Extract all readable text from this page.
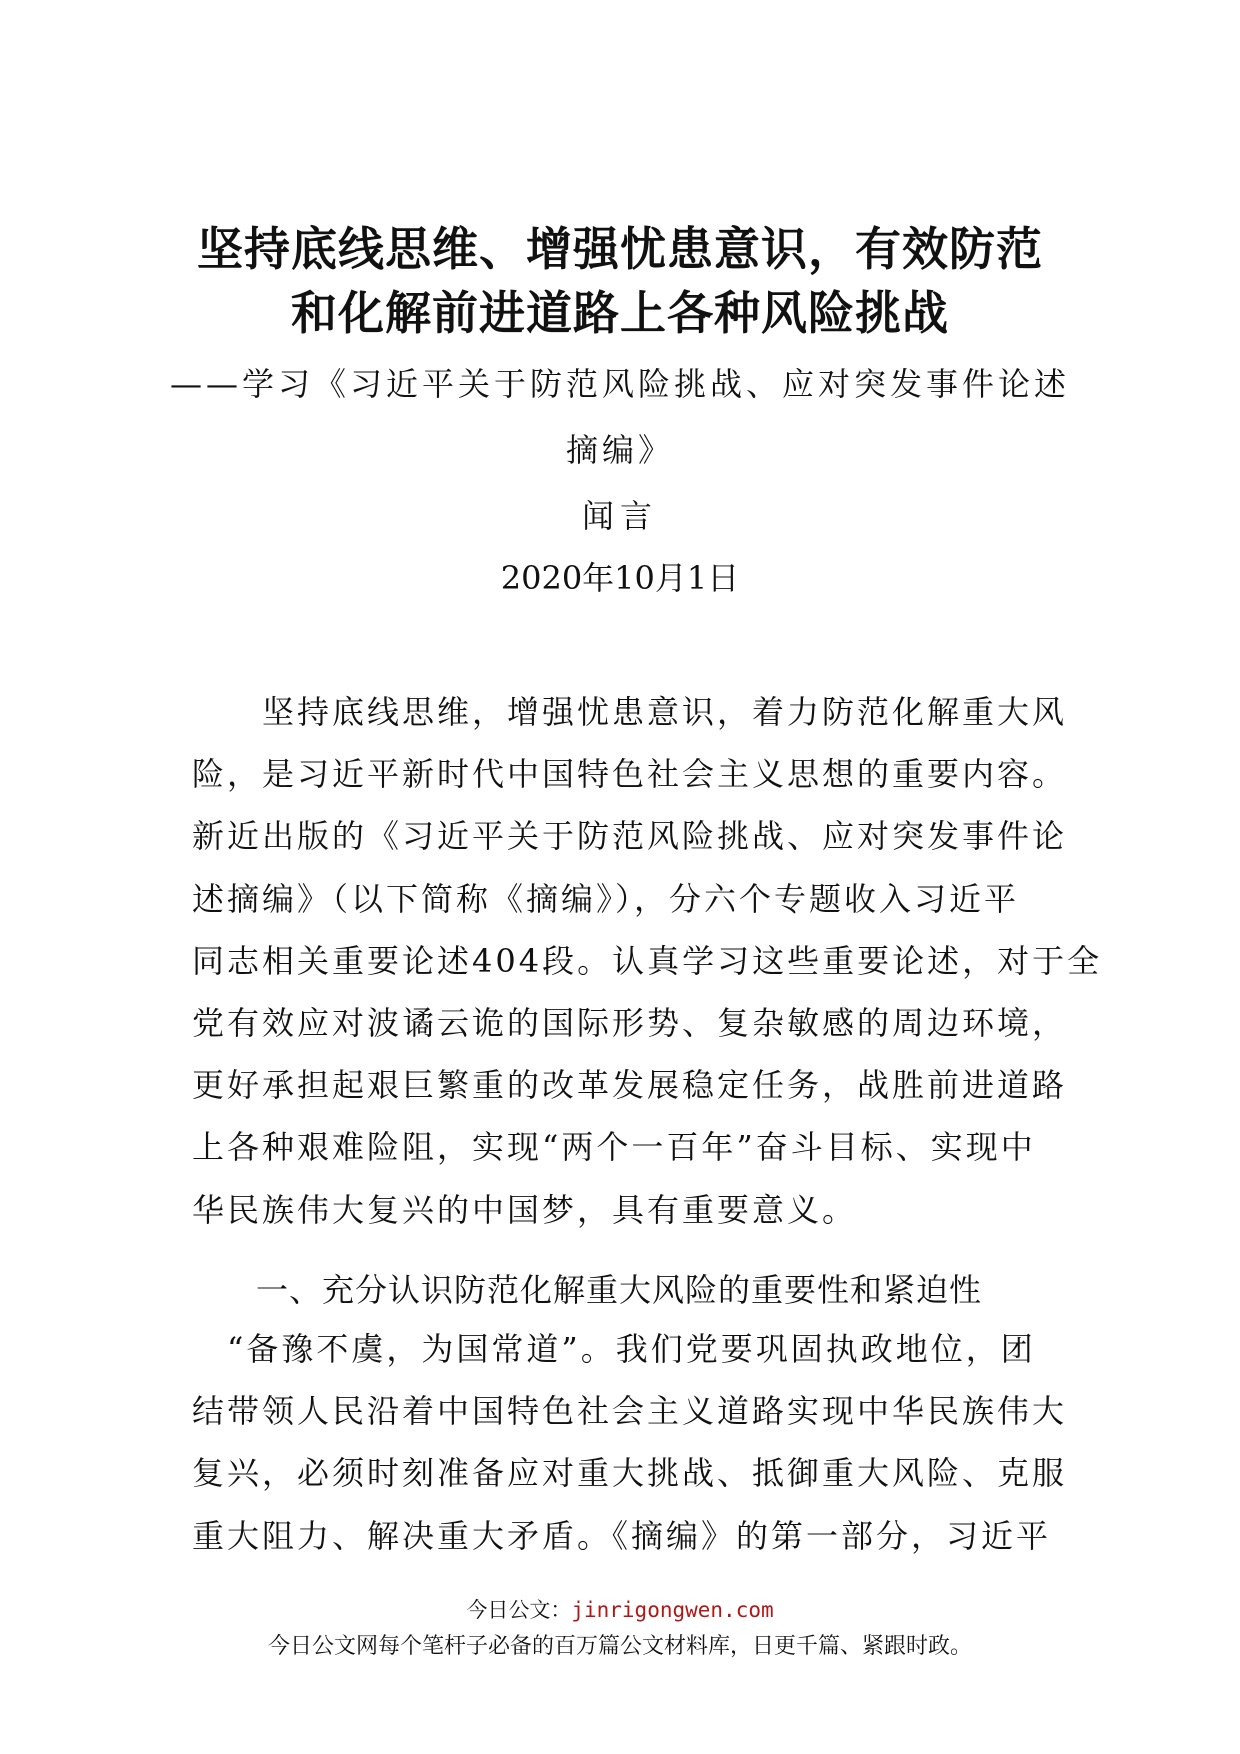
坚持底线思维、增强忧患意识，有效防范
和化解前进道路上各种风险挑战
——学习《习近平关于防范风险挑战、应对突发事件论述
摘编》
闻言
2020年10月1日
　　坚持底线思维，增强忧患意识，着力防范化解重大风
险，是习近平新时代中国特色社会主义思想的重要内容。
新近出版的《习近平关于防范风险挑战、应对突发事件论
述摘编》（以下简称《摘编》），分六个专题收入习近平
同志相关重要论述404段。认真学习这些重要论述，对于全
党有效应对波谲云诡的国际形势、复杂敏感的周边环境，
更好承担起艰巨繁重的改革发展稳定任务，战胜前进道路
上各种艰难险阻，实现“两个一百年”奋斗目标、实现中
华民族伟大复兴的中国梦，具有重要意义。
一、充分认识防范化解重大风险的重要性和紧迫性
　“备豫不虞，为国常道”。我们党要巩固执政地位，团
结带领人民沿着中国特色社会主义道路实现中华民族伟大
复兴，必须时刻准备应对重大挑战、抵御重大风险、克服
重大阻力、解决重大矛盾。《摘编》的第一部分，习近平
今日公文：jinrigongwen.com
今日公文网每个笔杆子必备的百万篇公文材料库，日更千篇、紧跟时政。
